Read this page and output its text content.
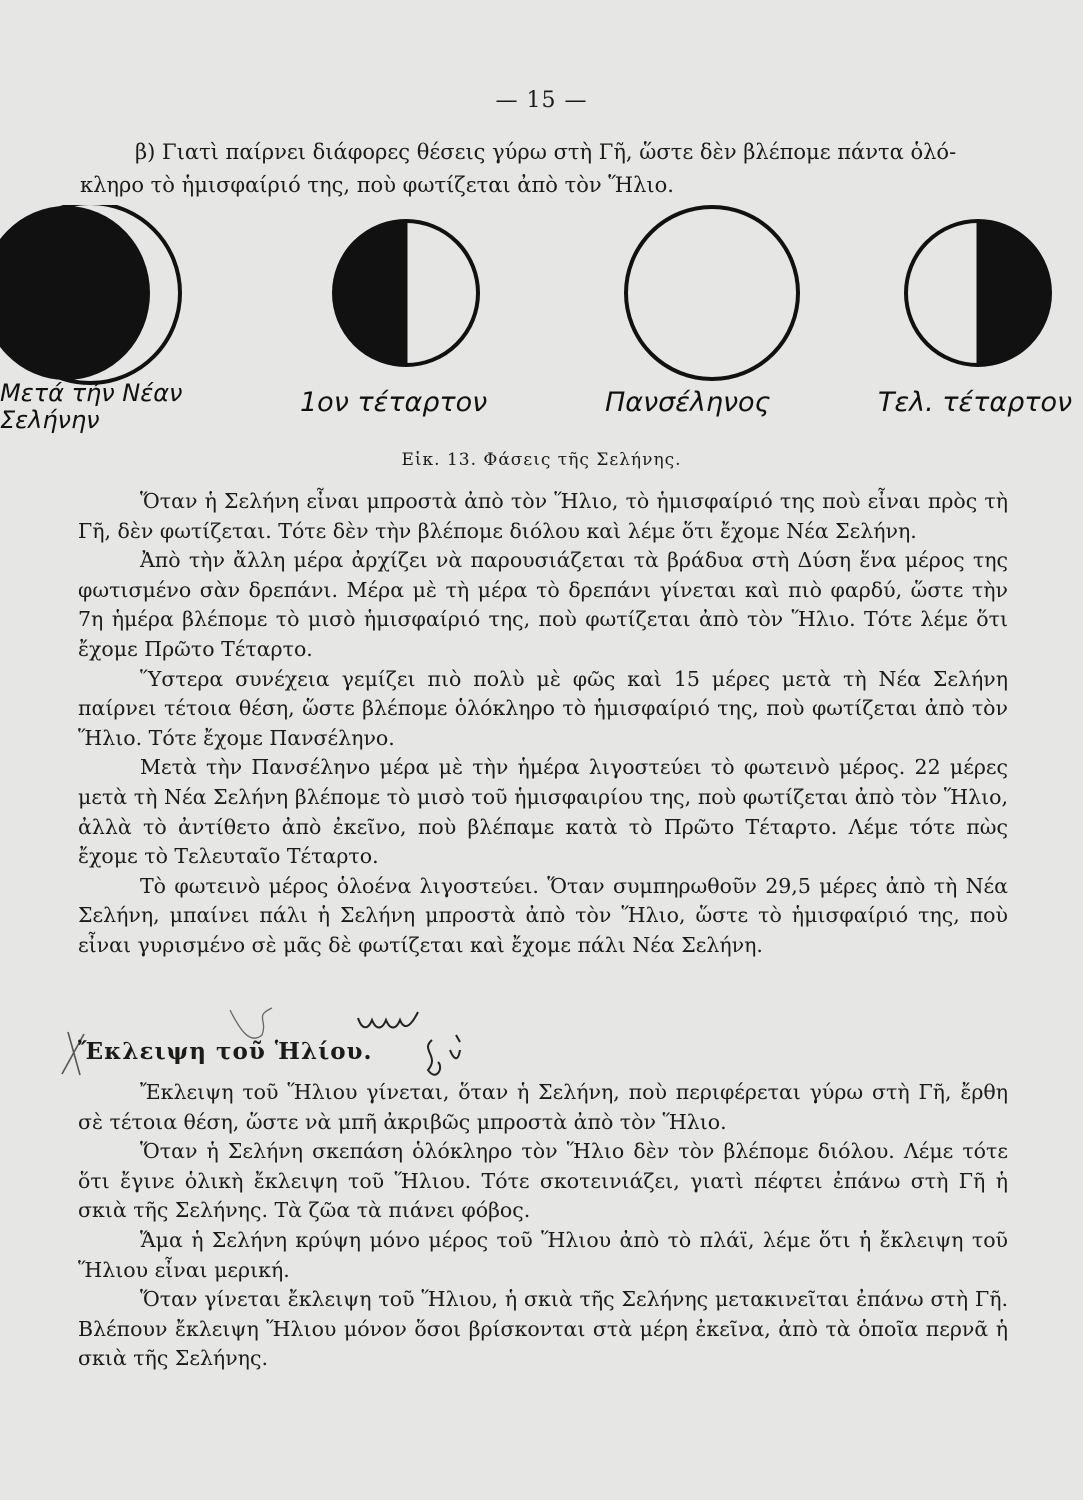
— 15 —
β) Γιατὶ παίρνει διάφορες θέσεις γύρω στὴ Γῆ, ὥστε δὲν βλέπομε πάντα ὁλό-
κληρο τὸ ἡμισφαίριό της, ποὺ φωτίζεται ἀπὸ τὸν Ἥλιο.
Μετά τήν Νέαν Σελήνην
1ον τέταρτον	Πανσέληνος	Τελ. τέταρτον
Εἰκ. 13. Φάσεις τῆς Σελήνης.

Ὅταν ἡ Σελήνη εἶναι μπροστὰ ἀπὸ τὸν Ἥλιο, τὸ ἡμισφαίριό της ποὺ εἶναι πρὸς τὴ Γῆ, δὲν φωτίζεται. Τότε δὲν τὴν βλέπομε διόλου καὶ λέμε ὅτι ἔχομε Νέα Σελήνη.

Ἀπὸ τὴν ἄλλη μέρα ἀρχίζει νὰ παρουσιάζεται τὰ βράδυα στὴ Δύση ἕνα μέρος της φωτισμένο σὰν δρεπάνι. Μέρα μὲ τὴ μέρα τὸ δρεπάνι γίνεται καὶ πιὸ φαρδύ, ὥστε τὴν 7η ἡμέρα βλέπομε τὸ μισὸ ἡμισφαίριό της, ποὺ φωτίζεται ἀπὸ τὸν Ἥλιο. Τότε λέμε ὅτι ἔχομε Πρῶτο Τέταρτο.

Ὕστερα συνέχεια γεμίζει πιὸ πολὺ μὲ φῶς καὶ 15 μέρες μετὰ τὴ Νέα Σελήνη παίρνει τέτοια θέση, ὥστε βλέπομε ὁλόκληρο τὸ ἡμισφαίριό της, ποὺ φωτίζεται ἀπὸ τὸν Ἥλιο. Τότε ἔχομε Πανσέληνο.

Μετὰ τὴν Πανσέληνο μέρα μὲ τὴν ἡμέρα λιγοστεύει τὸ φωτεινὸ μέρος. 22 μέρες μετὰ τὴ Νέα Σελήνη βλέπομε τὸ μισὸ τοῦ ἡμισφαιρίου της, ποὺ φωτίζεται ἀπὸ τὸν Ἥλιο, ἀλλὰ τὸ ἀντίθετο ἀπὸ ἐκεῖνο, ποὺ βλέπαμε κατὰ τὸ Πρῶτο Τέταρτο. Λέμε τότε πὼς ἔχομε τὸ Τελευταῖο Τέταρτο.

Τὸ φωτεινὸ μέρος ὁλοένα λιγοστεύει. Ὅταν συμπηρωθοῦν 29,5 μέρες ἀπὸ τὴ Νέα Σελήνη, μπαίνει πάλι ἡ Σελήνη μπροστὰ ἀπὸ τὸν Ἥλιο, ὥστε τὸ ἡμισφαίριό της, ποὺ εἶναι γυρισμένο σὲ μᾶς δὲ φωτίζεται καὶ ἔχομε πάλι Νέα Σελήνη.

Ἔκλειψη τοῦ Ἡλίου.

Ἔκλειψη τοῦ Ἥλιου γίνεται, ὅταν ἡ Σελήνη, ποὺ περιφέρεται γύρω στὴ Γῆ, ἔρθη σὲ τέτοια θέση, ὥστε νὰ μπῆ ἀκριβῶς μπροστὰ ἀπὸ τὸν Ἥλιο.

Ὅταν ἡ Σελήνη σκεπάση ὁλόκληρο τὸν Ἥλιο δὲν τὸν βλέπομε διόλου. Λέμε τότε ὅτι ἔγινε ὁλικὴ ἔκλειψη τοῦ Ἥλιου. Τότε σκοτεινιάζει, γιατὶ πέφτει ἐπάνω στὴ Γῆ ἡ σκιὰ τῆς Σελήνης. Τὰ ζῶα τὰ πιάνει φόβος.

Ἅμα ἡ Σελήνη κρύψη μόνο μέρος τοῦ Ἥλιου ἀπὸ τὸ πλάϊ, λέμε ὅτι ἡ ἔκλειψη τοῦ Ἥλιου εἶναι μερική.

Ὅταν γίνεται ἔκλειψη τοῦ Ἥλιου, ἡ σκιὰ τῆς Σελήνης μετακινεῖται ἐπάνω στὴ Γῆ. Βλέπουν ἔκλειψη Ἥλιου μόνον ὅσοι βρίσκονται στὰ μέρη ἐκεῖνα, ἀπὸ τὰ ὁποῖα περνᾶ ἡ σκιὰ τῆς Σελήνης.
